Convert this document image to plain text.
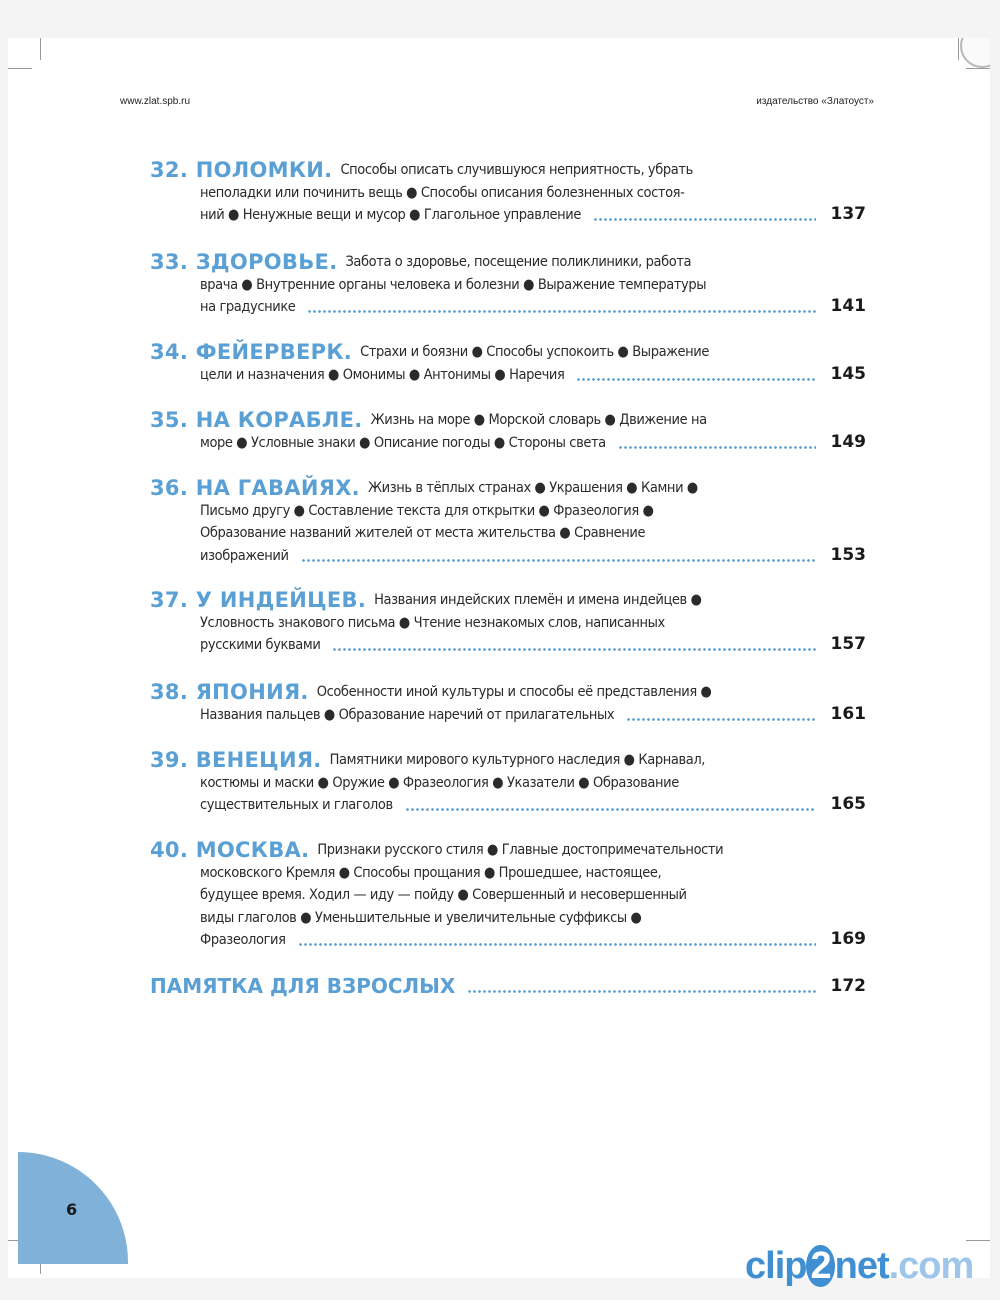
www.zlat.spb.ru	издательство «Златоуст»
32. ПОЛОМКИ. Способы описать случившуюся неприятность, убрать
неполадки или починить вещь ● Способы описания болезненных состоя-
ний ● Ненужные вещи и мусор ● Глагольное управление	137
33. ЗДОРОВЬЕ. Забота о здоровье, посещение поликлиники, работа
врача ● Внутренние органы человека и болезни ● Выражение температуры
на градуснике	141
34. ФЕЙЕРВЕРК. Страхи и боязни ● Способы успокоить ● Выражение
цели и назначения ● Омонимы ● Антонимы ● Наречия	145
35. НА КОРАБЛЕ. Жизнь на море ● Морской словарь ● Движение на
море ● Условные знаки ● Описание погоды ● Стороны света	149
36. НА ГАВАЙЯХ. Жизнь в тёплых странах ● Украшения ● Камни ●
Письмо другу ● Составление текста для открытки ● Фразеология ●
Образование названий жителей от места жительства ● Сравнение
изображений	153
37. У ИНДЕЙЦЕВ. Названия индейских племён и имена индейцев ●
Условность знакового письма ● Чтение незнакомых слов, написанных
русскими буквами	157
38. ЯПОНИЯ. Особенности иной культуры и способы её представления ●
Названия пальцев ● Образование наречий от прилагательных	161
39. ВЕНЕЦИЯ. Памятники мирового культурного наследия ● Карнавал,
костюмы и маски ● Оружие ● Фразеология ● Указатели ● Образование
существительных и глаголов	165
40. МОСКВА. Признаки русского стиля ● Главные достопримечательности
московского Кремля ● Способы прощания ● Прошедшее, настоящее,
будущее время. Ходил — иду — пойду ● Совершенный и несовершенный
виды глаголов ● Уменьшительные и увеличительные суффиксы ●
Фразеология	169
ПАМЯТКА ДЛЯ ВЗРОСЛЫХ	172
6
clip 2 net.com
